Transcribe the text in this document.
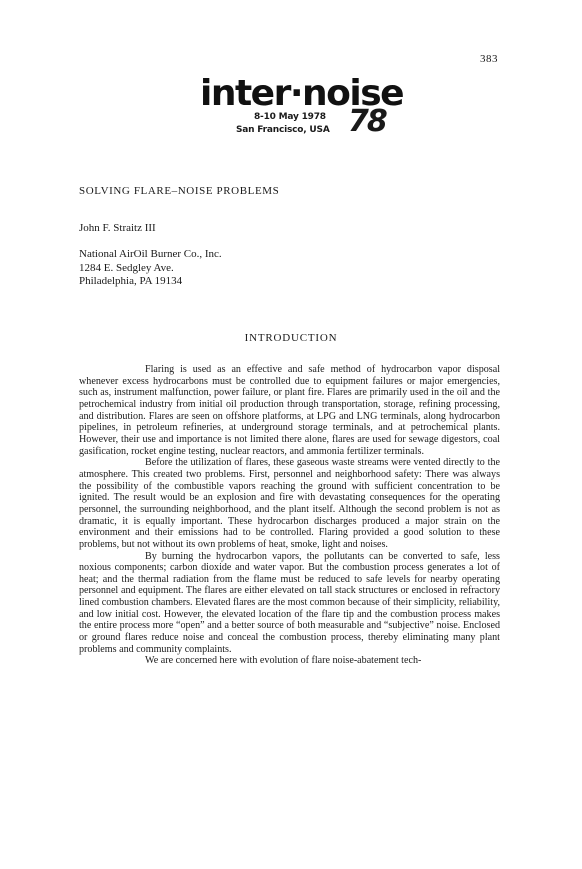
383
inter·noise
8-10 May 1978
San Francisco, USA 78
SOLVING FLARE–NOISE PROBLEMS
John F. Straitz III
National AirOil Burner Co., Inc.
1284 E. Sedgley Ave.
Philadelphia, PA 19134
INTRODUCTION

Flaring is used as an effective and safe method of hydrocarbon vapor disposal whenever excess hydrocarbons must be controlled due to equipment failures or major emergencies, such as, instrument malfunction, power failure, or plant fire. Flares are primarily used in the oil and the petrochemical industry from initial oil production through transportation, storage, refining processing, and distribution. Flares are seen on offshore platforms, at LPG and LNG terminals, along hydrocarbon pipelines, in petroleum refineries, at underground storage terminals, and at petrochemical plants. However, their use and importance is not limited there alone, flares are used for sewage digestors, coal gasification, rocket engine testing, nuclear reactors, and ammonia fertilizer terminals.

Before the utilization of flares, these gaseous waste streams were vented directly to the atmosphere. This created two problems. First, personnel and neighborhood safety: There was always the possibility of the combustible vapors reaching the ground with sufficient concentration to be ignited. The result would be an explosion and fire with devastating consequences for the operating personnel, the surrounding neighborhood, and the plant itself. Although the second problem is not as dramatic, it is equally important. These hydrocarbon discharges produced a major strain on the environment and their emissions had to be controlled. Flaring provided a good solution to these problems, but not without its own problems of heat, smoke, light and noises.

By burning the hydrocarbon vapors, the pollutants can be converted to safe, less noxious components; carbon dioxide and water vapor. But the combustion process generates a lot of heat; and the thermal radiation from the flame must be reduced to safe levels for nearby operating personnel and equipment. The flares are either elevated on tall stack structures or enclosed in refractory lined combustion chambers. Elevated flares are the most common because of their simplicity, reliability, and low initial cost. However, the elevated location of the flare tip and the combustion process makes the entire process more “open” and a better source of both measurable and “subjective” noise. Enclosed or ground flares reduce noise and conceal the combustion process, thereby eliminating many plant problems and community complaints.

We are concerned here with evolution of flare noise-abatement tech-
